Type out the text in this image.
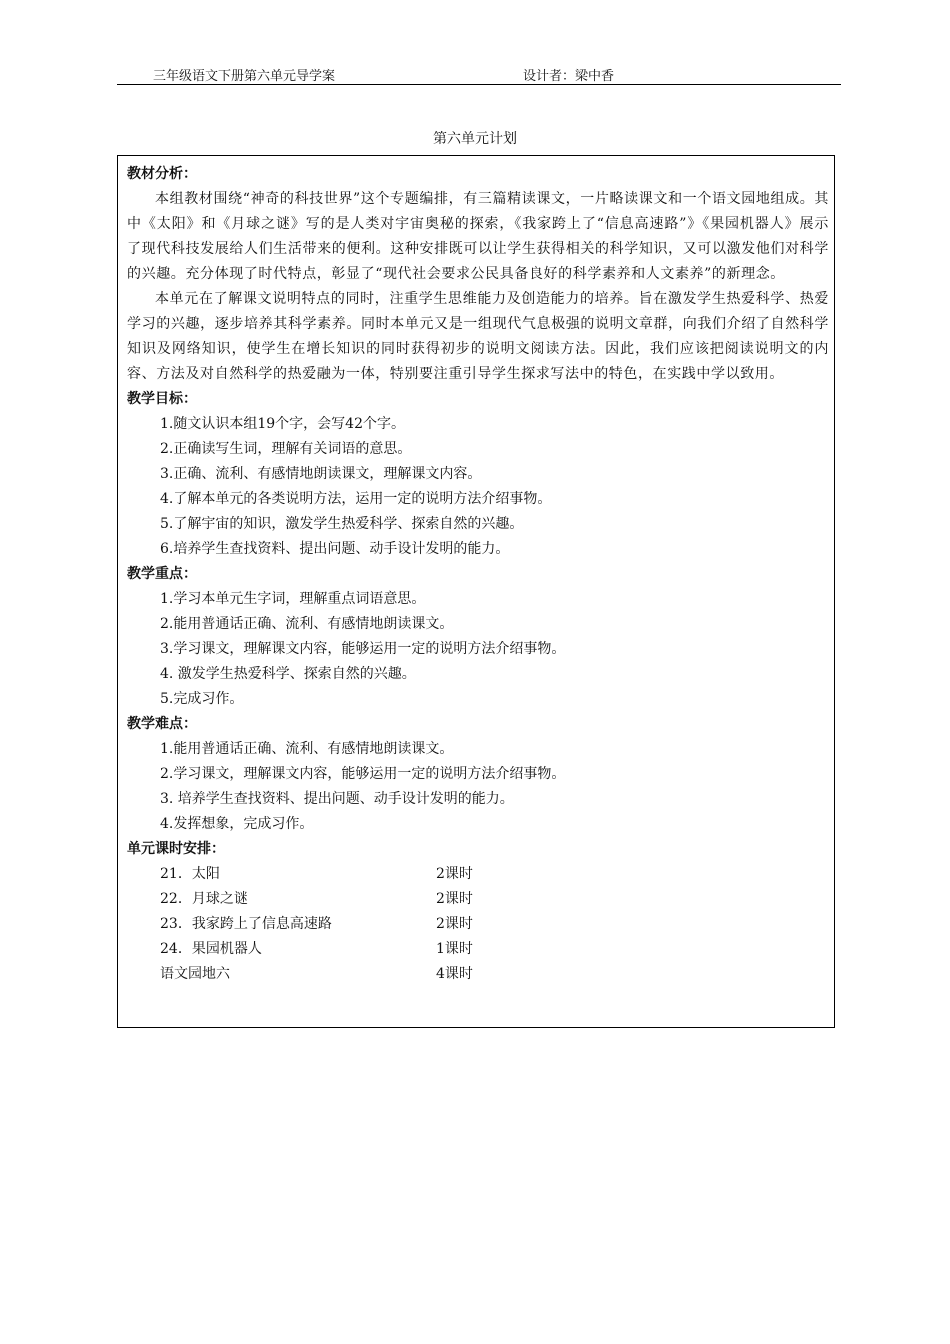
三年级语文下册第六单元导学案	设计者：梁中香
第六单元计划
教材分析：
本组教材围绕“神奇的科技世界”这个专题编排，有三篇精读课文，一片略读课文和一个语文园地组成。其中《太阳》和《月球之谜》写的是人类对宇宙奥秘的探索，《我家跨上了“信息高速路”》《果园机器人》展示了现代科技发展给人们生活带来的便利。这种安排既可以让学生获得相关的科学知识，又可以激发他们对科学的兴趣。充分体现了时代特点，彰显了“现代社会要求公民具备良好的科学素养和人文素养”的新理念。
本单元在了解课文说明特点的同时，注重学生思维能力及创造能力的培养。旨在激发学生热爱科学、热爱学习的兴趣，逐步培养其科学素养。同时本单元又是一组现代气息极强的说明文章群，向我们介绍了自然科学知识及网络知识，使学生在增长知识的同时获得初步的说明文阅读方法。因此，我们应该把阅读说明文的内容、方法及对自然科学的热爱融为一体，特别要注重引导学生探求写法中的特色，在实践中学以致用。
教学目标：
1.随文认识本组19个字，会写42个字。
2.正确读写生词，理解有关词语的意思。
3.正确、流利、有感情地朗读课文，理解课文内容。
4.了解本单元的各类说明方法，运用一定的说明方法介绍事物。
5.了解宇宙的知识，激发学生热爱科学、探索自然的兴趣。
6.培养学生查找资料、提出问题、动手设计发明的能力。
教学重点：
1.学习本单元生字词，理解重点词语意思。
2.能用普通话正确、流利、有感情地朗读课文。
3.学习课文，理解课文内容，能够运用一定的说明方法介绍事物。
4. 激发学生热爱科学、探索自然的兴趣。
5.完成习作。
教学难点：
1.能用普通话正确、流利、有感情地朗读课文。
2.学习课文，理解课文内容，能够运用一定的说明方法介绍事物。
3. 培养学生查找资料、提出问题、动手设计发明的能力。
4.发挥想象，完成习作。
单元课时安排：
21．太阳	2课时
22．月球之谜	2课时
23．我家跨上了信息高速路	2课时
24．果园机器人	1课时
语文园地六	4课时
